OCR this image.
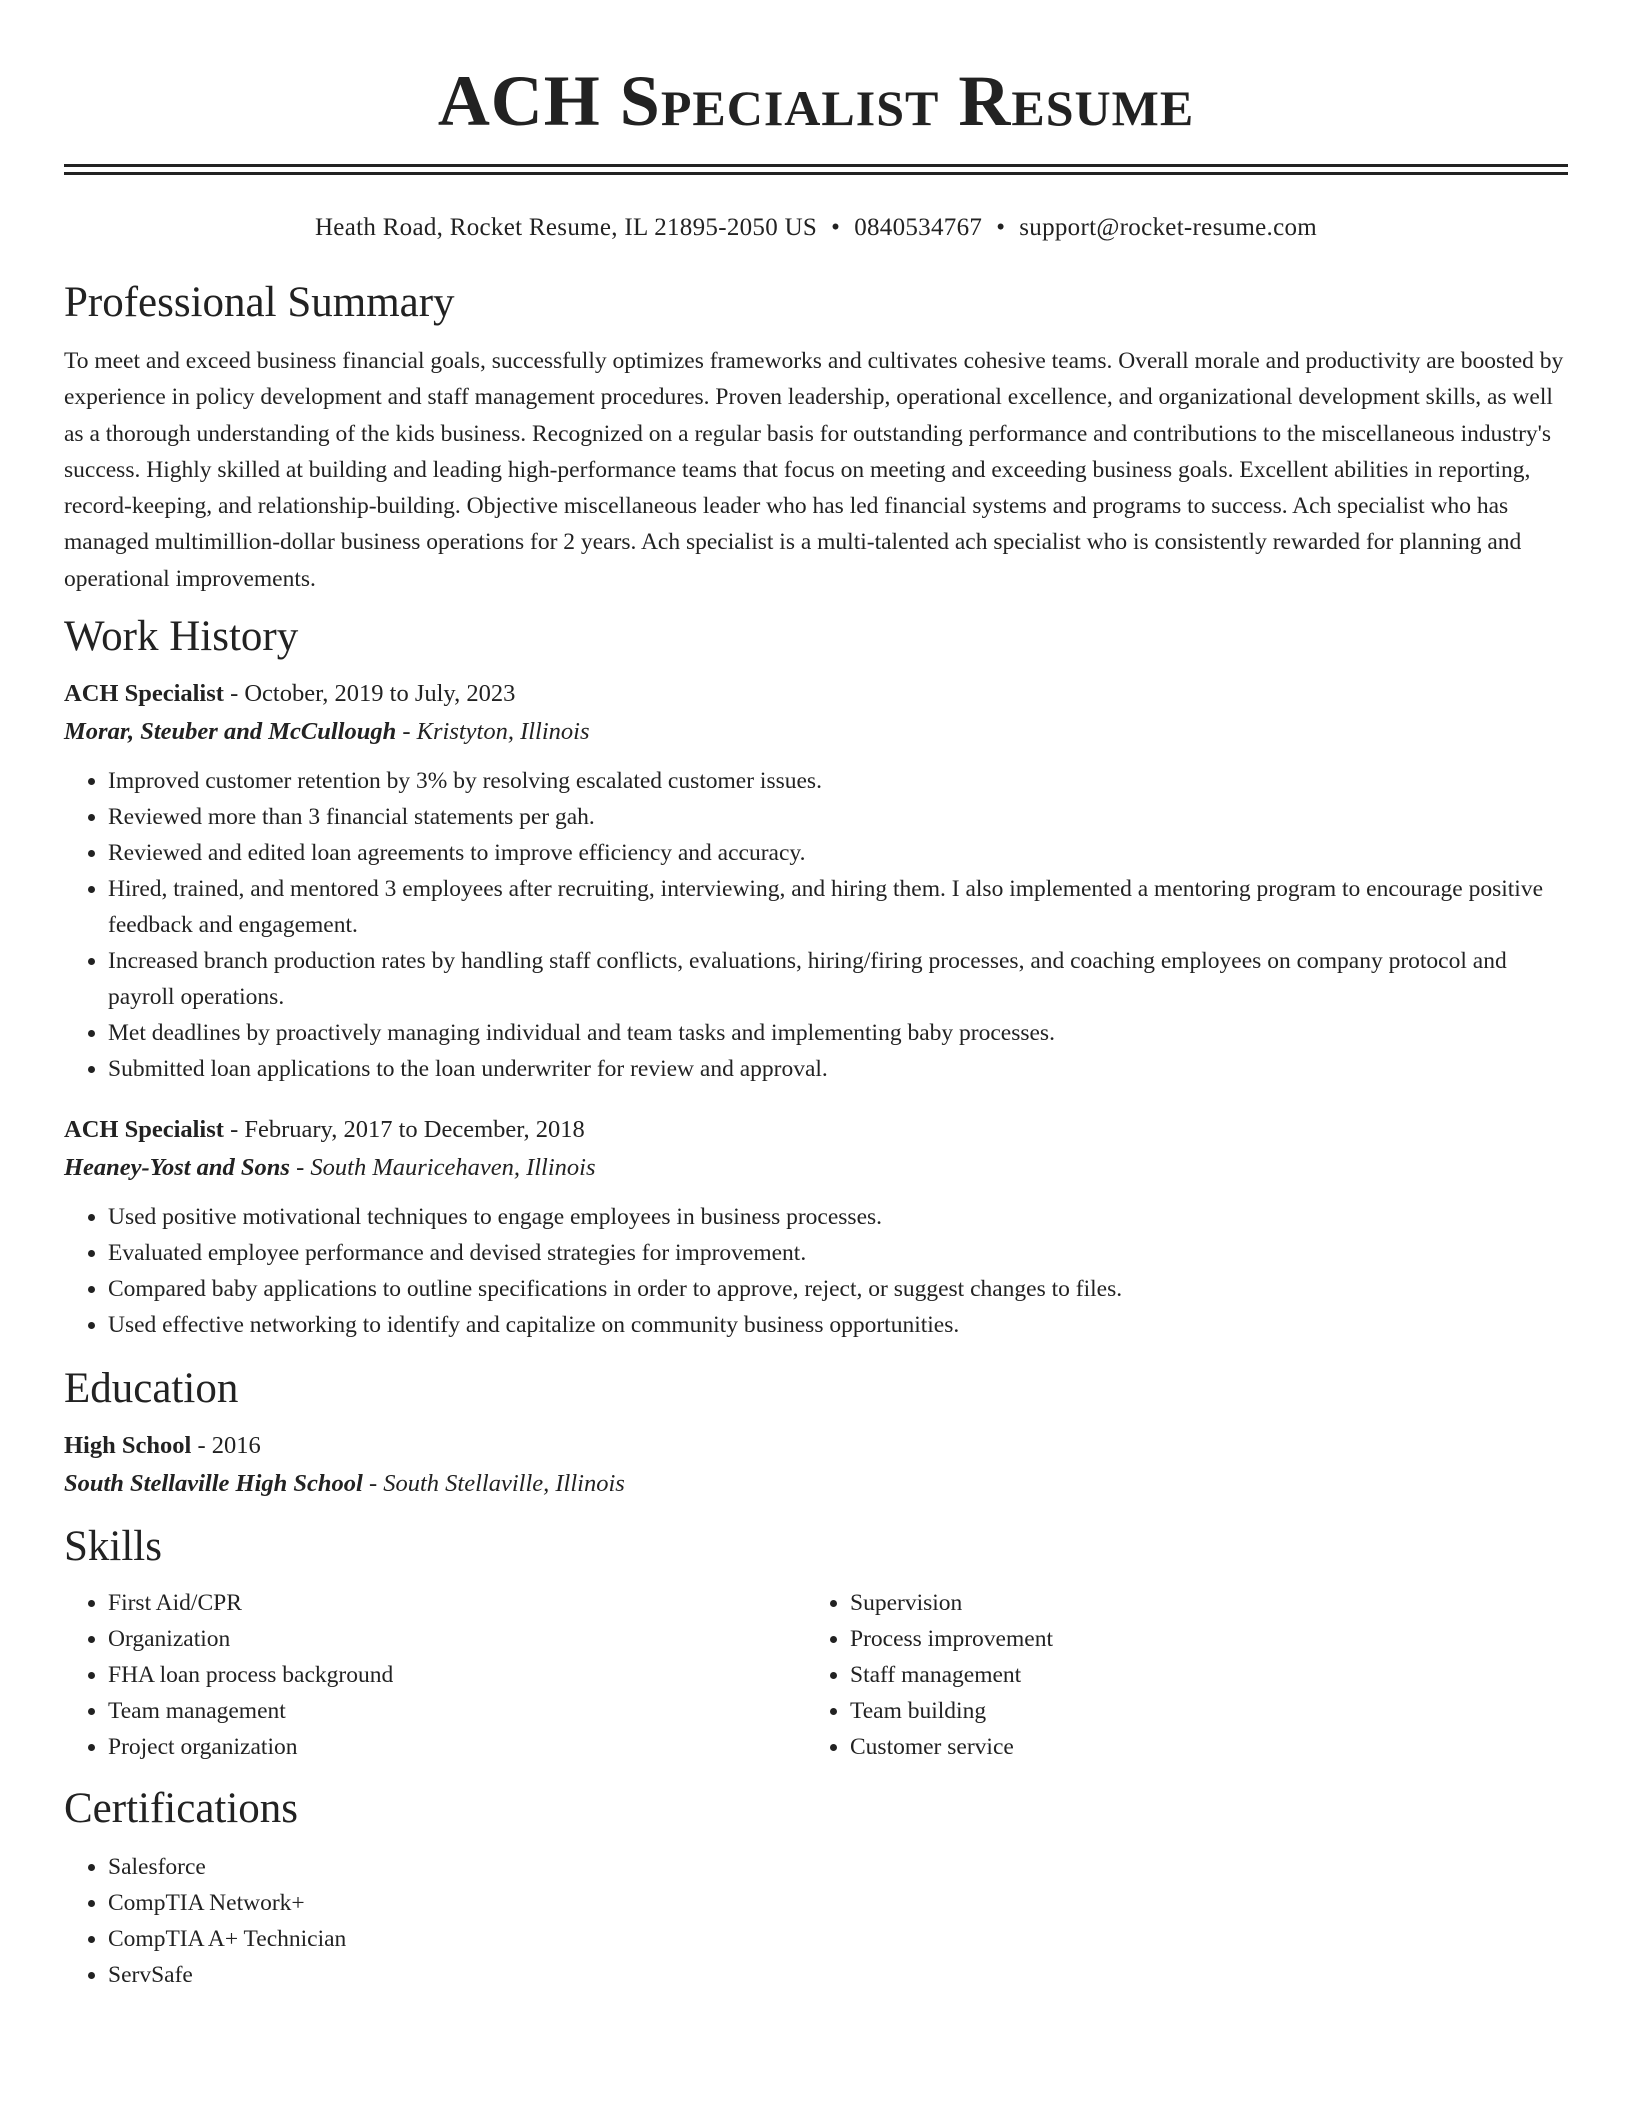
ACH Specialist Resume
Heath Road, Rocket Resume, IL 21895-2050 US • 0840534767 • support@rocket-resume.com
Professional Summary

To meet and exceed business financial goals, successfully optimizes frameworks and cultivates cohesive teams. Overall morale and productivity are boosted by experience in policy development and staff management procedures. Proven leadership, operational excellence, and organizational development skills, as well as a thorough understanding of the kids business. Recognized on a regular basis for outstanding performance and contributions to the miscellaneous industry's success. Highly skilled at building and leading high-performance teams that focus on meeting and exceeding business goals. Excellent abilities in reporting, record-keeping, and relationship-building. Objective miscellaneous leader who has led financial systems and programs to success. Ach specialist who has managed multimillion-dollar business operations for 2 years. Ach specialist is a multi-talented ach specialist who is consistently rewarded for planning and operational improvements.

Work History
ACH Specialist - October, 2019 to July, 2023
Morar, Steuber and McCullough - Kristyton, Illinois
• Improved customer retention by 3% by resolving escalated customer issues.
• Reviewed more than 3 financial statements per gah.
• Reviewed and edited loan agreements to improve efficiency and accuracy.
• Hired, trained, and mentored 3 employees after recruiting, interviewing, and hiring them. I also implemented a mentoring program to encourage positive feedback and engagement.
• Increased branch production rates by handling staff conflicts, evaluations, hiring/firing processes, and coaching employees on company protocol and payroll operations.
• Met deadlines by proactively managing individual and team tasks and implementing baby processes.
• Submitted loan applications to the loan underwriter for review and approval.
ACH Specialist - February, 2017 to December, 2018
Heaney-Yost and Sons - South Mauricehaven, Illinois
• Used positive motivational techniques to engage employees in business processes.
• Evaluated employee performance and devised strategies for improvement.
• Compared baby applications to outline specifications in order to approve, reject, or suggest changes to files.
• Used effective networking to identify and capitalize on community business opportunities.
Education
High School - 2016
South Stellaville High School - South Stellaville, Illinois
Skills
• First Aid/CPR
• Organization
• FHA loan process background
• Team management
• Project organization
• Supervision
• Process improvement
• Staff management
• Team building
• Customer service
Certifications
• Salesforce
• CompTIA Network+
• CompTIA A+ Technician
• ServSafe
